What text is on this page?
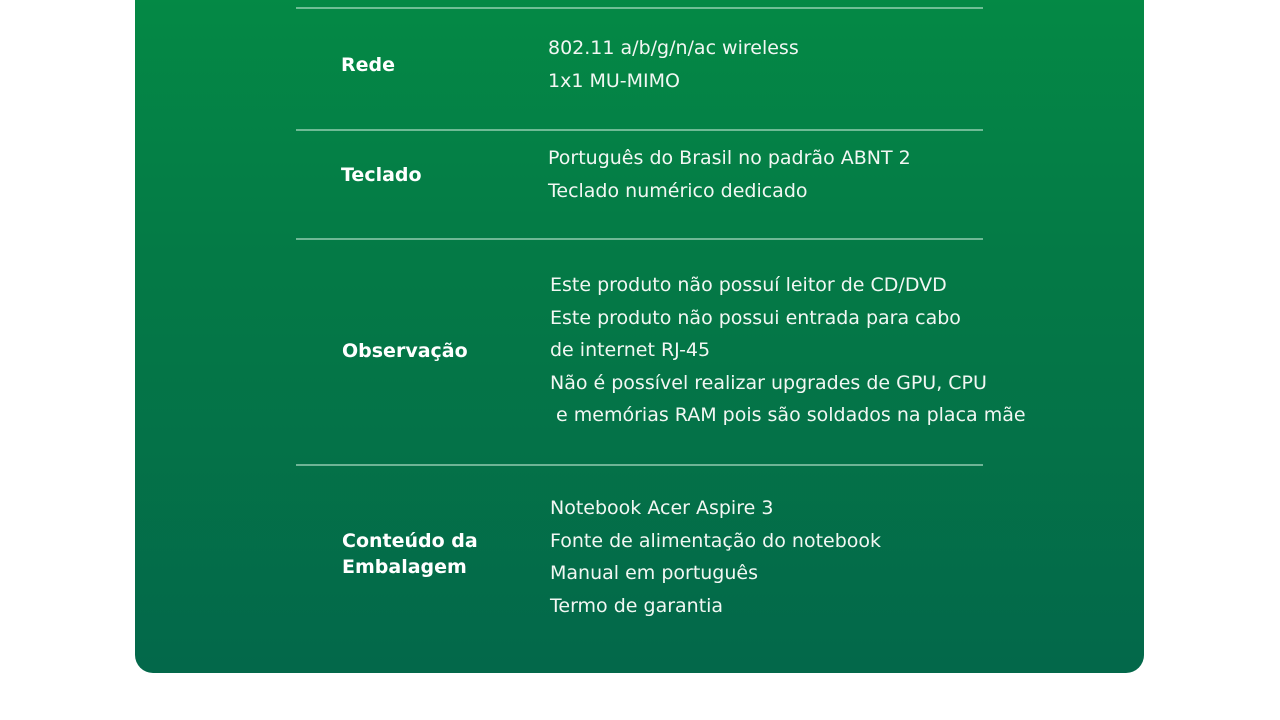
Rede
802.11 a/b/g/n/ac wireless
1x1 MU-MIMO
Teclado
Português do Brasil no padrão ABNT 2
Teclado numérico dedicado
Observação
Este produto não possuí leitor de CD/DVD
Este produto não possui entrada para cabo
de internet RJ-45
Não é possível realizar upgrades de GPU, CPU
e memórias RAM pois são soldados na placa mãe
Conteúdo da
Embalagem
Notebook Acer Aspire 3
Fonte de alimentação do notebook
Manual em português
Termo de garantia
